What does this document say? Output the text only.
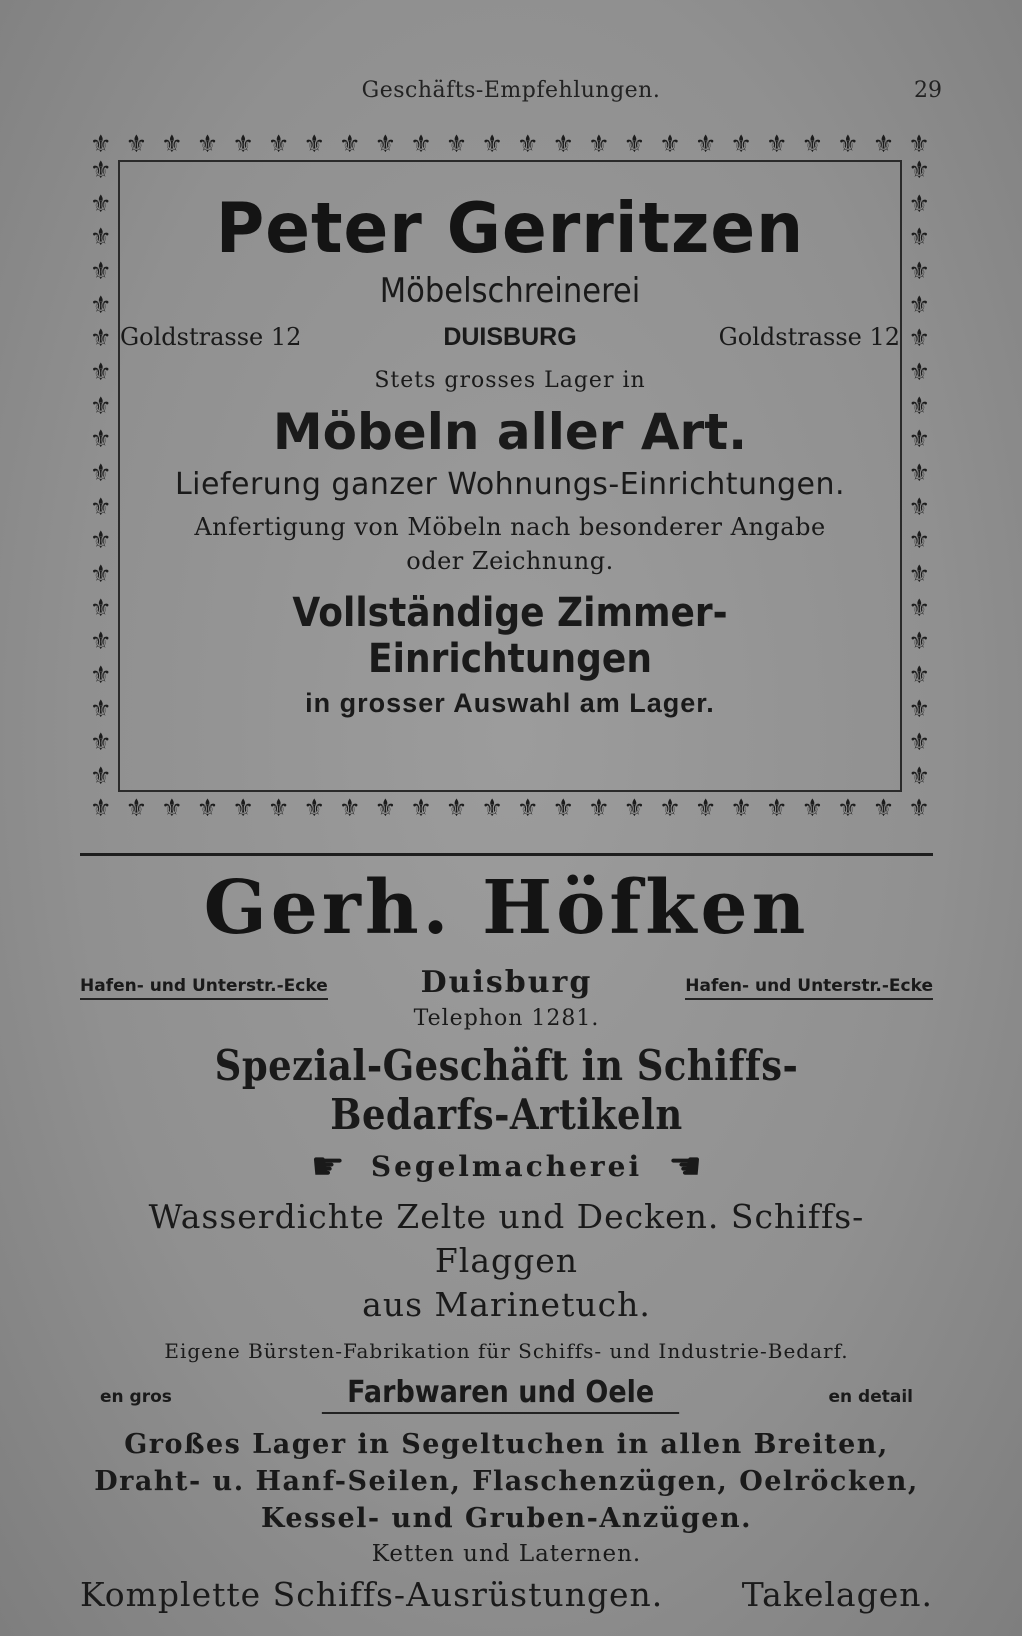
Geschäfts-Empfehlungen.	29
⚜ ⚜ ⚜ ⚜ ⚜ ⚜ ⚜ ⚜ ⚜ ⚜ ⚜ ⚜ ⚜ ⚜ ⚜ ⚜ ⚜ ⚜ ⚜ ⚜ ⚜ ⚜ ⚜ ⚜
⚜
⚜
⚜
⚜
⚜
⚜
⚜
⚜
⚜
⚜
⚜
⚜
⚜
⚜
⚜
⚜
⚜
⚜
⚜
⚜
⚜
⚜
⚜
⚜
⚜
⚜
⚜
⚜
⚜
⚜
⚜
⚜
⚜
⚜
⚜
⚜
⚜
⚜
⚜ ⚜ ⚜ ⚜ ⚜ ⚜ ⚜ ⚜ ⚜ ⚜ ⚜ ⚜ ⚜ ⚜ ⚜ ⚜ ⚜ ⚜ ⚜ ⚜ ⚜ ⚜ ⚜ ⚜
Peter Gerritzen
Möbelschreinerei
Goldstrasse 12	DUISBURG	Goldstrasse 12
Stets grosses Lager in
Möbeln aller Art.
Lieferung ganzer Wohnungs-Einrichtungen.
Anfertigung von Möbeln nach besonderer Angabe
oder Zeichnung.
Vollständige Zimmer-Einrichtungen
in grosser Auswahl am Lager.
Gerh. Höfken
Hafen- und Unterstr.-Ecke	Duisburg	Hafen- und Unterstr.-Ecke
Telephon 1281.
Spezial-Geschäft in Schiffs-Bedarfs-Artikeln
☛ Segelmacherei ☚
Wasserdichte Zelte und Decken. Schiffs-Flaggen
aus Marinetuch.
Eigene Bürsten-Fabrikation für Schiffs- und Industrie-Bedarf.
en gros	Farbwaren und Oele	en detail
Großes Lager in Segeltuchen in allen Breiten,
Draht- u. Hanf-Seilen, Flaschenzügen, Oelröcken,
Kessel- und Gruben-Anzügen.
Ketten und Laternen.
Komplette Schiffs-Ausrüstungen. Takelagen.
